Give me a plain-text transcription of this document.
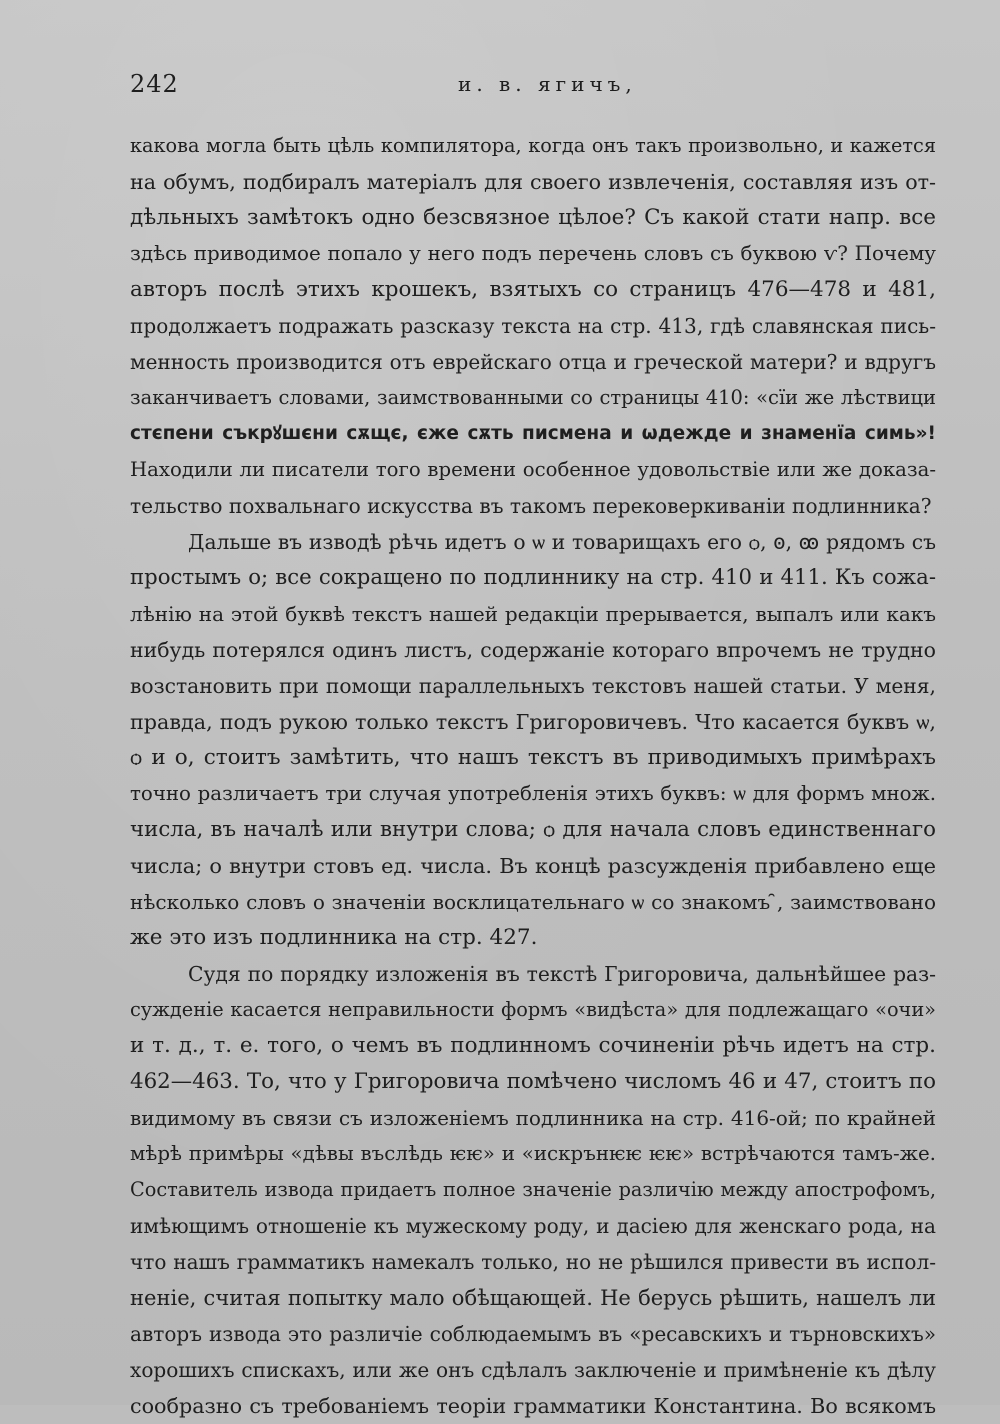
242	и. в. ягичъ,
какова могла быть цѣль компилятора, когда онъ такъ произвольно, и кажется
на обумъ, подбиралъ матеріалъ для своего извлеченія, составляя изъ от-
дѣльныхъ замѣтокъ одно безсвязное цѣлое? Съ какой стати напр. все
здѣсь приводимое попало у него подъ перечень словъ съ буквою ѵ? Почему
авторъ послѣ этихъ крошекъ, взятыхъ со страницъ 476—478 и 481,
продолжаетъ подражать разсказу текста на стр. 413, гдѣ славянская пись-
менность производится отъ еврейскаго отца и греческой матери? и вдругъ
заканчиваетъ словами, заимствованными со страницы 410: «сїи же лѣствици
стєпени съкрꙋшєни сѫщє, єже сѫть писмена и ѡдежде и знаменїа симь»!
Находили ли писатели того времени особенное удовольствіе или же доказа-
тельство похвальнаго искусства въ такомъ перековеркиваніи подлинника?
Дальше въ изводѣ рѣчь идетъ о ѡ и товарищахъ его ѻ, ꙩ, ꙭ рядомъ съ
простымъ о; все сокращено по подлиннику на стр. 410 и 411. Къ сожа-
лѣнію на этой буквѣ текстъ нашей редакціи прерывается, выпалъ или какъ
нибудь потерялся одинъ листъ, содержаніе котораго впрочемъ не трудно
возстановить при помощи параллельныхъ текстовъ нашей статьи. У меня,
правда, подъ рукою только текстъ Григоровичевъ. Что касается буквъ ѡ,
ѻ и о, стоитъ замѣтить, что нашъ текстъ въ приводимыхъ примѣрахъ
точно различаетъ три случая употребленія этихъ буквъ: ѡ для формъ множ.
числа, въ началѣ или внутри слова; ѻ для начала словъ единственнаго
числа; о внутри стовъ ед. числа. Въ концѣ разсужденія прибавлено еще
нѣсколько словъ о значеніи восклицательнаго ѡ со знакомъ ̑, заимствовано
же это изъ подлинника на стр. 427.
Судя по порядку изложенія въ текстѣ Григоровича, дальнѣйшее раз-
сужденіе касается неправильности формъ «видѣста» для подлежащаго «очи»
и т. д., т. е. того, о чемъ въ подлинномъ сочиненіи рѣчь идетъ на стр.
462—463. То, что у Григоровича помѣчено числомъ 46 и 47, стоитъ по
видимому въ связи съ изложеніемъ подлинника на стр. 416-ой; по крайней
мѣрѣ примѣры «дѣвы въслѣдь ѥѥ» и «искрънѥѥ ѥѥ» встрѣчаются тамъ-же.
Составитель извода придаетъ полное значеніе различію между апострофомъ,
имѣющимъ отношеніе къ мужескому роду, и дасіею для женскаго рода, на
что нашъ грамматикъ намекалъ только, но не рѣшился привести въ испол-
неніе, считая попытку мало обѣщающей. Не берусь рѣшить, нашелъ ли
авторъ извода это различіе соблюдаемымъ въ «ресавскихъ и търновскихъ»
хорошихъ спискахъ, или же онъ сдѣлалъ заключеніе и примѣненіе къ дѣлу
сообразно съ требованіемъ теоріи грамматики Константина. Во всякомъ
